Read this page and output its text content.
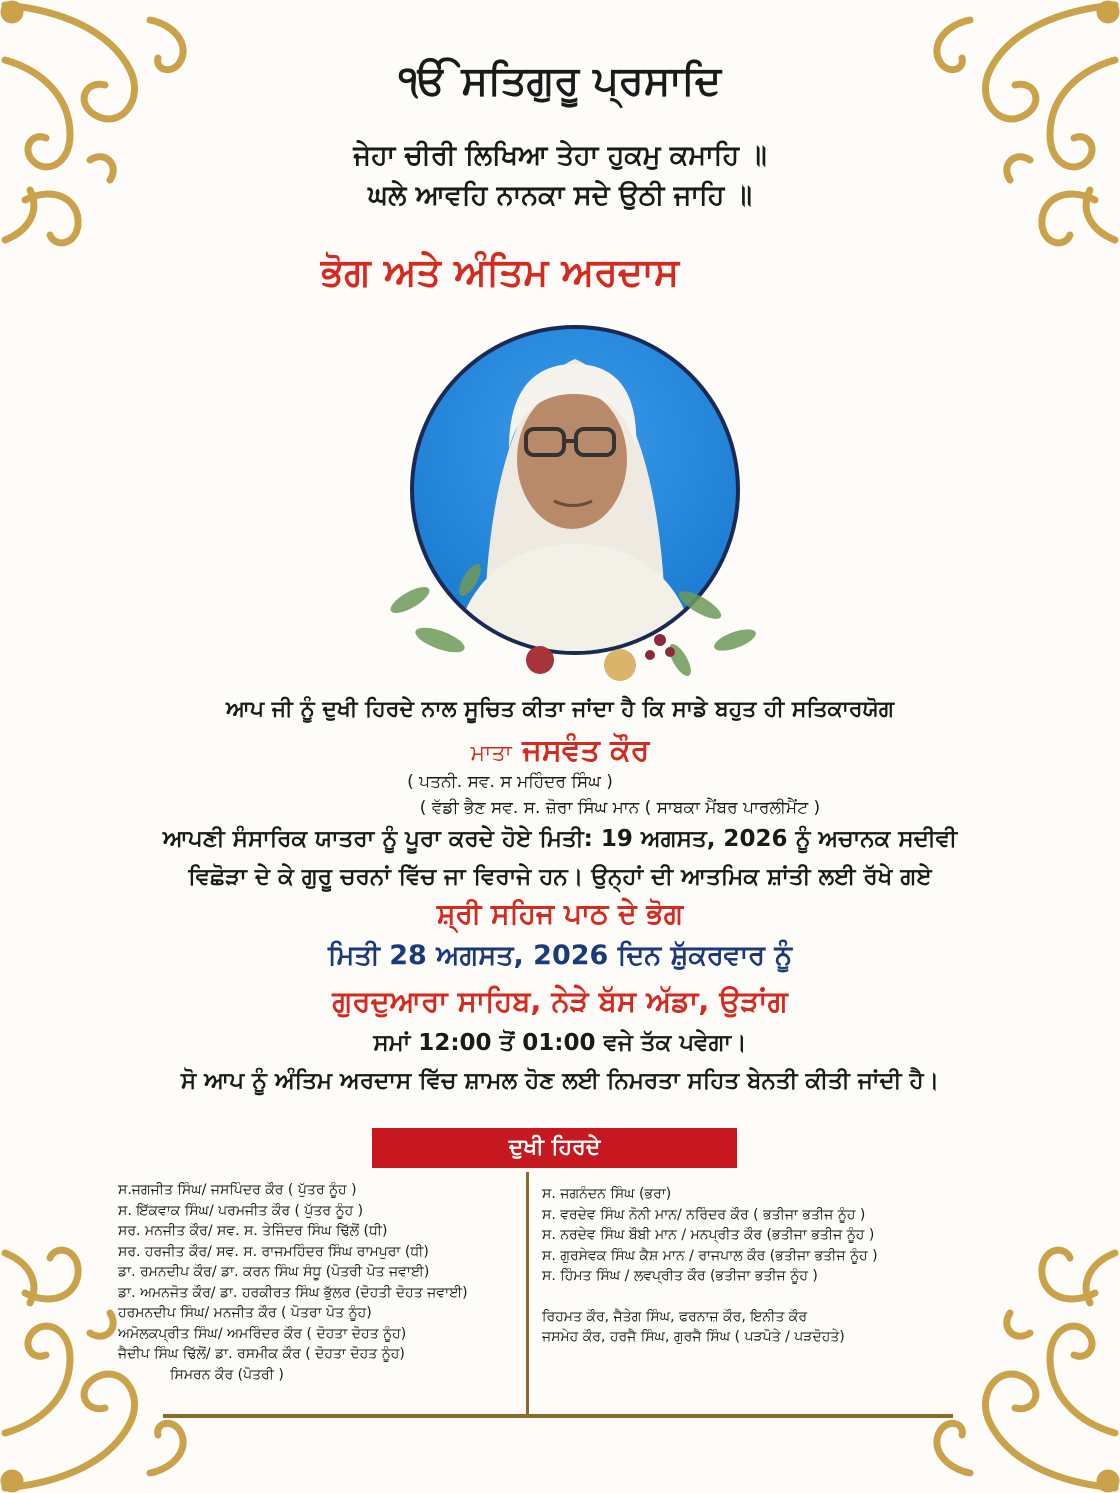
ੴ ਸਤਿਗੁਰੂ ਪ੍ਰਸਾਦਿ
ਜੇਹਾ ਚੀਰੀ ਲਿਖਿਆ ਤੇਹਾ ਹੁਕਮੁ ਕਮਾਹਿ ॥
ਘਲੇ ਆਵਹਿ ਨਾਨਕਾ ਸਦੇ ਉਠੀ ਜਾਹਿ ॥
ਭੋਗ ਅਤੇ ਅੰਤਿਮ ਅਰਦਾਸ
ਆਪ ਜੀ ਨੂੰ ਦੁਖੀ ਹਿਰਦੇ ਨਾਲ ਸੂਚਿਤ ਕੀਤਾ ਜਾਂਦਾ ਹੈ ਕਿ ਸਾਡੇ ਬਹੁਤ ਹੀ ਸਤਿਕਾਰਯੋਗ
ਮਾਤਾ ਜਸਵੰਤ ਕੌਰ
( ਪਤਨੀ. ਸਵ. ਸ ਮਹਿੰਦਰ ਸਿੰਘ )
( ਵੱਡੀ ਭੈਣ ਸਵ. ਸ. ਜ਼ੋਰਾ ਸਿੰਘ ਮਾਨ ( ਸਾਬਕਾ ਮੈਂਬਰ ਪਾਰਲੀਮੈਂਟ )
ਆਪਣੀ ਸੰਸਾਰਿਕ ਯਾਤਰਾ ਨੂੰ ਪੂਰਾ ਕਰਦੇ ਹੋਏ ਮਿਤੀ: 19 ਅਗਸਤ, 2026 ਨੂੰ ਅਚਾਨਕ ਸਦੀਵੀ
ਵਿਛੋੜਾ ਦੇ ਕੇ ਗੁਰੂ ਚਰਨਾਂ ਵਿੱਚ ਜਾ ਵਿਰਾਜੇ ਹਨ। ਉਨ੍ਹਾਂ ਦੀ ਆਤਮਿਕ ਸ਼ਾਂਤੀ ਲਈ ਰੱਖੇ ਗਏ
ਸ਼੍ਰੀ ਸਹਿਜ ਪਾਠ ਦੇ ਭੋਗ
ਮਿਤੀ 28 ਅਗਸਤ, 2026 ਦਿਨ ਸ਼ੁੱਕਰਵਾਰ ਨੂੰ
ਗੁਰਦੁਆਰਾ ਸਾਹਿਬ, ਨੇੜੇ ਬੱਸ ਅੱਡਾ, ਉੜਾਂਗ
ਸਮਾਂ 12:00 ਤੋਂ 01:00 ਵਜੇ ਤੱਕ ਪਵੇਗਾ।
ਸੋ ਆਪ ਨੂੰ ਅੰਤਿਮ ਅਰਦਾਸ ਵਿੱਚ ਸ਼ਾਮਲ ਹੋਣ ਲਈ ਨਿਮਰਤਾ ਸਹਿਤ ਬੇਨਤੀ ਕੀਤੀ ਜਾਂਦੀ ਹੈ।
ਦੁਖੀ ਹਿਰਦੇ
ਸ.ਜਗਜੀਤ ਸਿੰਘ/ ਜਸਪਿੰਦਰ ਕੌਰ ( ਪੁੱਤਰ ਨੂੰਹ )
ਸ. ਇੱਕਵਾਕ ਸਿੰਘ/ ਪਰਮਜੀਤ ਕੌਰ ( ਪੁੱਤਰ ਨੂੰਹ )
ਸਰ. ਮਨਜੀਤ ਕੌਰ/ ਸਵ. ਸ. ਤੇਜਿੰਦਰ ਸਿੰਘ ਢਿੱਲੋਂ (ਧੀ)
ਸਰ. ਹਰਜੀਤ ਕੌਰ/ ਸਵ. ਸ. ਰਾਜਮਹਿੰਦਰ ਸਿੰਘ ਰਾਮਪੁਰਾ (ਧੀ)
ਡਾ. ਰਮਨਦੀਪ ਕੌਰ/ ਡਾ. ਕਰਨ ਸਿੰਘ ਸੰਧੂ (ਪੋਤਰੀ ਪੋਤ ਜਵਾਈ)
ਡਾ. ਅਮਨਜੋਤ ਕੌਰ/ ਡਾ. ਹਰਕੀਰਤ ਸਿੰਘ ਭੁੱਲਰ (ਦੋਹਤੀ ਦੋਹਤ ਜਵਾਈ)
ਹਰਮਨਦੀਪ ਸਿੰਘ/ ਮਨਜੀਤ ਕੌਰ ( ਪੋਤਰਾ ਪੋਤ ਨੂੰਹ)
ਅਮੋਲਕਪ੍ਰੀਤ ਸਿੰਘ/ ਅਮਰਿੰਦਰ ਕੌਰ ( ਦੋਹਤਾ ਦੋਹਤ ਨੂੰਹ)
ਜੈਦੀਪ ਸਿੰਘ ਢਿੱਲੋਂ/ ਡਾ. ਰਸਮੀਕ ਕੌਰ ( ਦੋਹਤਾ ਦੋਹਤ ਨੂੰਹ)
ਸਿਮਰਨ ਕੌਰ (ਪੋਤਰੀ )
ਸ. ਜਗਨੰਦਨ ਸਿੰਘ (ਭਰਾ)
ਸ. ਵਰਦੇਵ ਸਿੰਘ ਨੋਨੀ ਮਾਨ/ ਨਰਿੰਦਰ ਕੌਰ ( ਭਤੀਜਾ ਭਤੀਜ ਨੂੰਹ )
ਸ. ਨਰਦੇਵ ਸਿੰਘ ਬੌਬੀ ਮਾਨ / ਮਨਪ੍ਰੀਤ ਕੌਰ (ਭਤੀਜਾ ਭਤੀਜ ਨੂੰਹ )
ਸ. ਗੁਰਸੇਵਕ ਸਿੰਘ ਕੈਸ਼ ਮਾਨ / ਰਾਜਪਾਲ ਕੌਰ (ਭਤੀਜਾ ਭਤੀਜ ਨੂੰਹ )
ਸ. ਹਿੰਮਤ ਸਿੰਘ / ਲਵਪ੍ਰੀਤ ਕੌਰ (ਭਤੀਜਾ ਭਤੀਜ ਨੂੰਹ )
ਰਿਹਮਤ ਕੌਰ, ਜੈਤੇਗ ਸਿੰਘ, ਫਰਨਾਜ਼ ਕੌਰ, ਇਨੀਤ ਕੌਰ
ਜਸਮੇਹ ਕੌਰ, ਹਰਜੈ ਸਿੰਘ, ਗੁਰਜੈ ਸਿੰਘ ( ਪੜਪੋਤੇ / ਪੜਦੋਹਤੇ)
